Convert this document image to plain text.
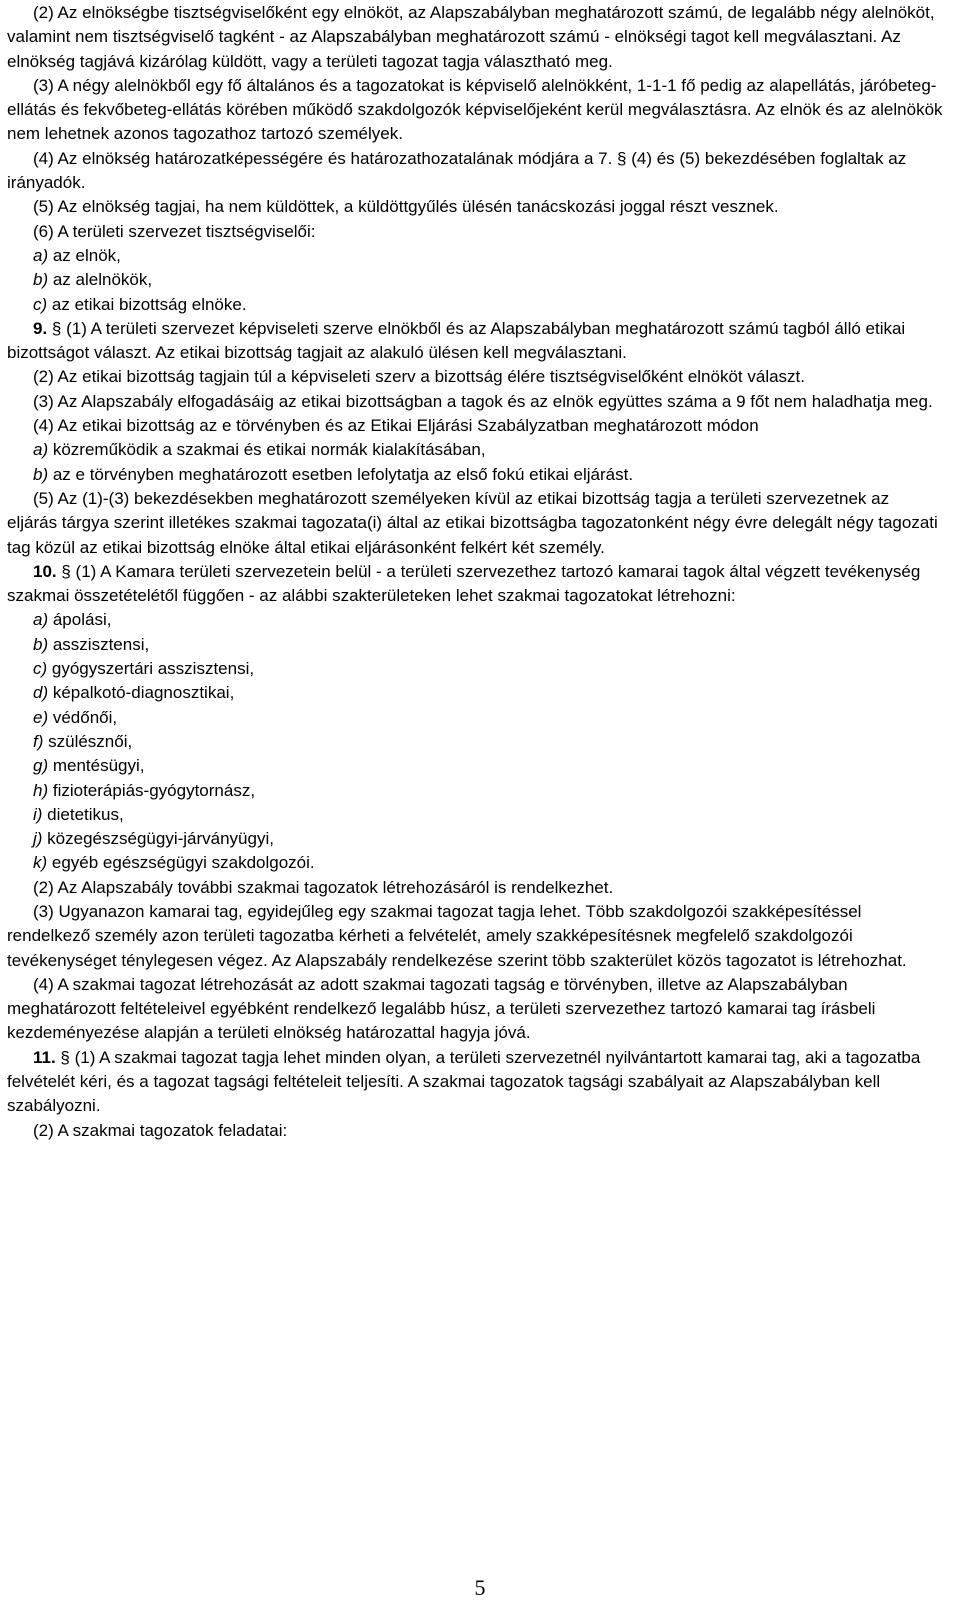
(2) Az elnökségbe tisztségviselőként egy elnököt, az Alapszabályban meghatározott számú, de legalább négy alelnököt, valamint nem tisztségviselő tagként - az Alapszabályban meghatározott számú - elnökségi tagot kell megválasztani. Az elnökség tagjává kizárólag küldött, vagy a területi tagozat tagja választható meg.

(3) A négy alelnökből egy fő általános és a tagozatokat is képviselő alelnökként, 1-1-1 fő pedig az alapellátás, járóbeteg-ellátás és fekvőbeteg-ellátás körében működő szakdolgozók képviselőjeként kerül megválasztásra. Az elnök és az alelnökök nem lehetnek azonos tagozathoz tartozó személyek.

(4) Az elnökség határozatképességére és határozathozatalának módjára a 7. § (4) és (5) bekezdésében foglaltak az irányadók.

(5) Az elnökség tagjai, ha nem küldöttek, a küldöttgyűlés ülésén tanácskozási joggal részt vesznek.

(6) A területi szervezet tisztségviselői:

a) az elnök,

b) az alelnökök,

c) az etikai bizottság elnöke.

9. § (1) A területi szervezet képviseleti szerve elnökből és az Alapszabályban meghatározott számú tagból álló etikai bizottságot választ. Az etikai bizottság tagjait az alakuló ülésen kell megválasztani.

(2) Az etikai bizottság tagjain túl a képviseleti szerv a bizottság élére tisztségviselőként elnököt választ.

(3) Az Alapszabály elfogadásáig az etikai bizottságban a tagok és az elnök együttes száma a 9 főt nem haladhatja meg.

(4) Az etikai bizottság az e törvényben és az Etikai Eljárási Szabályzatban meghatározott módon

a) közreműködik a szakmai és etikai normák kialakításában,

b) az e törvényben meghatározott esetben lefolytatja az első fokú etikai eljárást.

(5) Az (1)-(3) bekezdésekben meghatározott személyeken kívül az etikai bizottság tagja a területi szervezetnek az eljárás tárgya szerint illetékes szakmai tagozata(i) által az etikai bizottságba tagozatonként négy évre delegált négy tagozati tag közül az etikai bizottság elnöke által etikai eljárásonként felkért két személy.

10. § (1) A Kamara területi szervezetein belül - a területi szervezethez tartozó kamarai tagok által végzett tevékenység szakmai összetételétől függően - az alábbi szakterületeken lehet szakmai tagozatokat létrehozni:

a) ápolási,

b) asszisztensi,

c) gyógyszertári asszisztensi,

d) képalkotó-diagnosztikai,

e) védőnői,

f) szülésznői,

g) mentésügyi,

h) fizioterápiás-gyógytornász,

i) dietetikus,

j) közegészségügyi-járványügyi,

k) egyéb egészségügyi szakdolgozói.

(2) Az Alapszabály további szakmai tagozatok létrehozásáról is rendelkezhet.

(3) Ugyanazon kamarai tag, egyidejűleg egy szakmai tagozat tagja lehet. Több szakdolgozói szakképesítéssel rendelkező személy azon területi tagozatba kérheti a felvételét, amely szakképesítésnek megfelelő szakdolgozói tevékenységet ténylegesen végez. Az Alapszabály rendelkezése szerint több szakterület közös tagozatot is létrehozhat.

(4) A szakmai tagozat létrehozását az adott szakmai tagozati tagság e törvényben, illetve az Alapszabályban meghatározott feltételeivel egyébként rendelkező legalább húsz, a területi szervezethez tartozó kamarai tag írásbeli kezdeményezése alapján a területi elnökség határozattal hagyja jóvá.

11. § (1) A szakmai tagozat tagja lehet minden olyan, a területi szervezetnél nyilvántartott kamarai tag, aki a tagozatba felvételét kéri, és a tagozat tagsági feltételeit teljesíti. A szakmai tagozatok tagsági szabályait az Alapszabályban kell szabályozni.

(2) A szakmai tagozatok feladatai:

5
